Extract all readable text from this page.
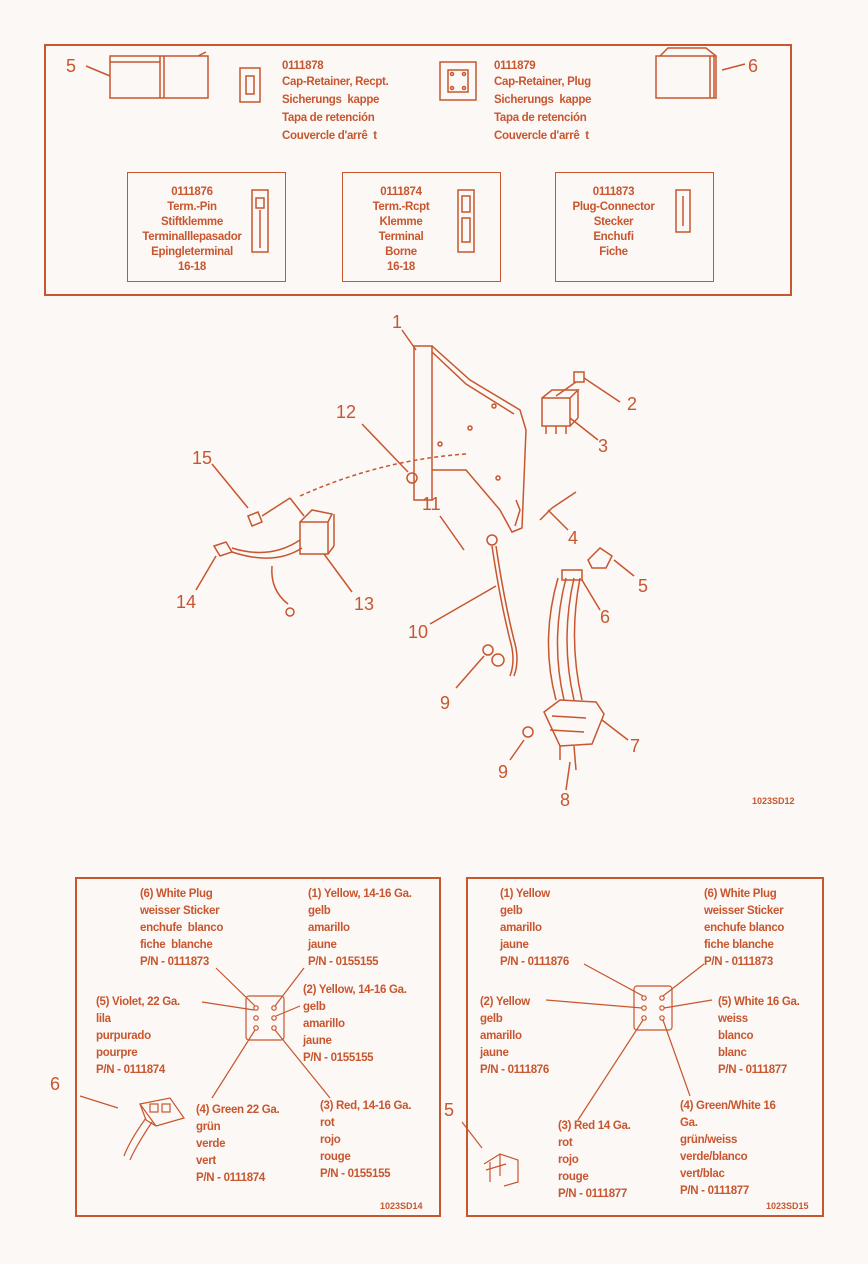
5	6
0111878
Cap-Retainer, Recpt.
Sicherungs  kappe
Tapa de retención
Couvercle d'arrê  t
0111879
Cap-Retainer, Plug
Sicherungs  kappe
Tapa de retención
Couvercle d'arrê  t
0111876
Term.-Pin
Stiftklemme
Terminalllepasador
Epingleterminal
16-18
0111874
Term.-Rcpt
Klemme
Terminal
Borne
16-18
0111873
Plug-Connector
Stecker
Enchuﬁ
Fiche
1
2
3
4
5
6
7
8
9
9
10
11
12
13
14
15
1023SD12
6
(6) White Plug
weisser Sticker
enchufe  blanco
fiche  blanche
P/N - 0111873
(1) Yellow, 14-16 Ga.
gelb
amarillo
jaune
P/N - 0155155
(5) Violet, 22 Ga.
lila
purpurado
pourpre
P/N - 0111874
(2) Yellow, 14-16 Ga.
gelb
amarillo
jaune
P/N - 0155155
(4) Green 22 Ga.
grün
verde
vert
P/N - 0111874
(3) Red, 14-16 Ga.
rot
rojo
rouge
P/N - 0155155
1023SD14
5
(1) Yellow
gelb
amarillo
jaune
P/N - 0111876
(6) White Plug
weisser Sticker
enchufe blanco
fiche blanche
P/N - 0111873
(2) Yellow
gelb
amarillo
jaune
P/N - 0111876
(5) White 16 Ga.
weiss
blanco
blanc
P/N - 0111877
(3) Red 14 Ga.
rot
rojo
rouge
P/N - 0111877
(4) Green/White 16
Ga.
grün/weiss
verde/blanco
vert/blac
P/N - 0111877
1023SD15
